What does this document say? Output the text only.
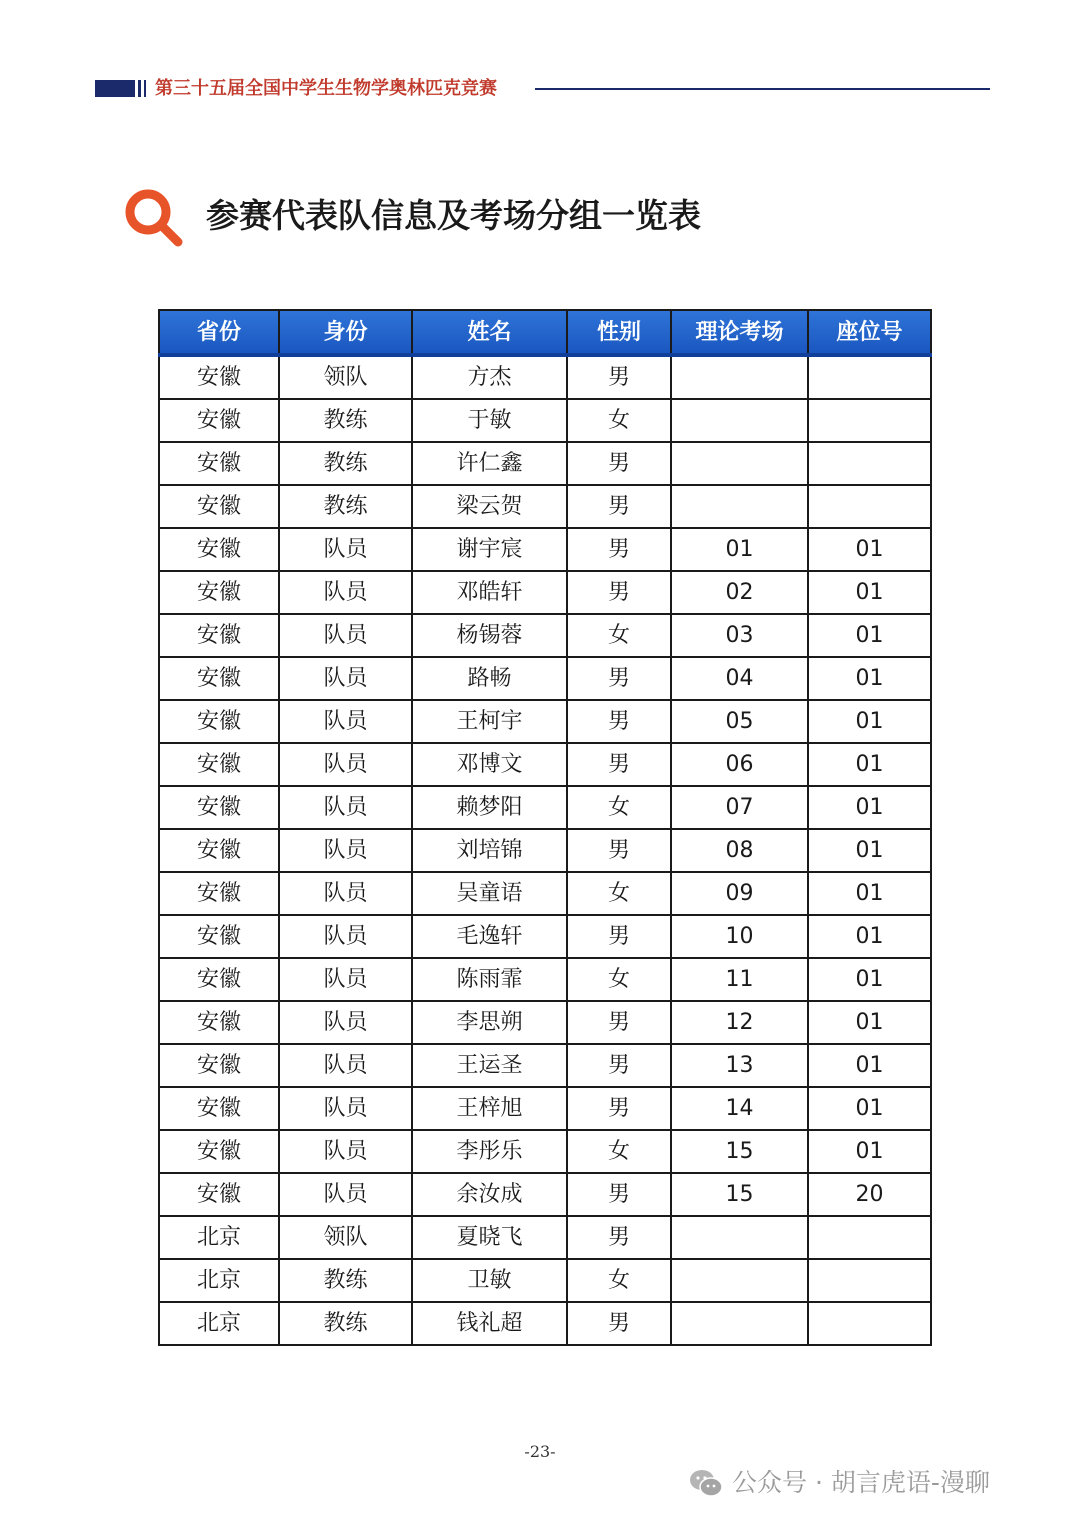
第三十五届全国中学生生物学奥林匹克竞赛
参赛代表队信息及考场分组一览表
省份	身份	姓名	性别	理论考场	座位号
安徽	领队	方杰	男		
安徽	教练	于敏	女		
安徽	教练	许仁鑫	男		
安徽	教练	梁云贺	男		
安徽	队员	谢宇宸	男	01	01
安徽	队员	邓皓轩	男	02	01
安徽	队员	杨锡蓉	女	03	01
安徽	队员	路畅	男	04	01
安徽	队员	王柯宇	男	05	01
安徽	队员	邓博文	男	06	01
安徽	队员	赖梦阳	女	07	01
安徽	队员	刘培锦	男	08	01
安徽	队员	吴童语	女	09	01
安徽	队员	毛逸轩	男	10	01
安徽	队员	陈雨霏	女	11	01
安徽	队员	李思朔	男	12	01
安徽	队员	王运圣	男	13	01
安徽	队员	王梓旭	男	14	01
安徽	队员	李彤乐	女	15	01
安徽	队员	余汝成	男	15	20
北京	领队	夏晓飞	男		
北京	教练	卫敏	女		
北京	教练	钱礼超	男		
-23-
公众号 · 胡言虎语-漫聊
